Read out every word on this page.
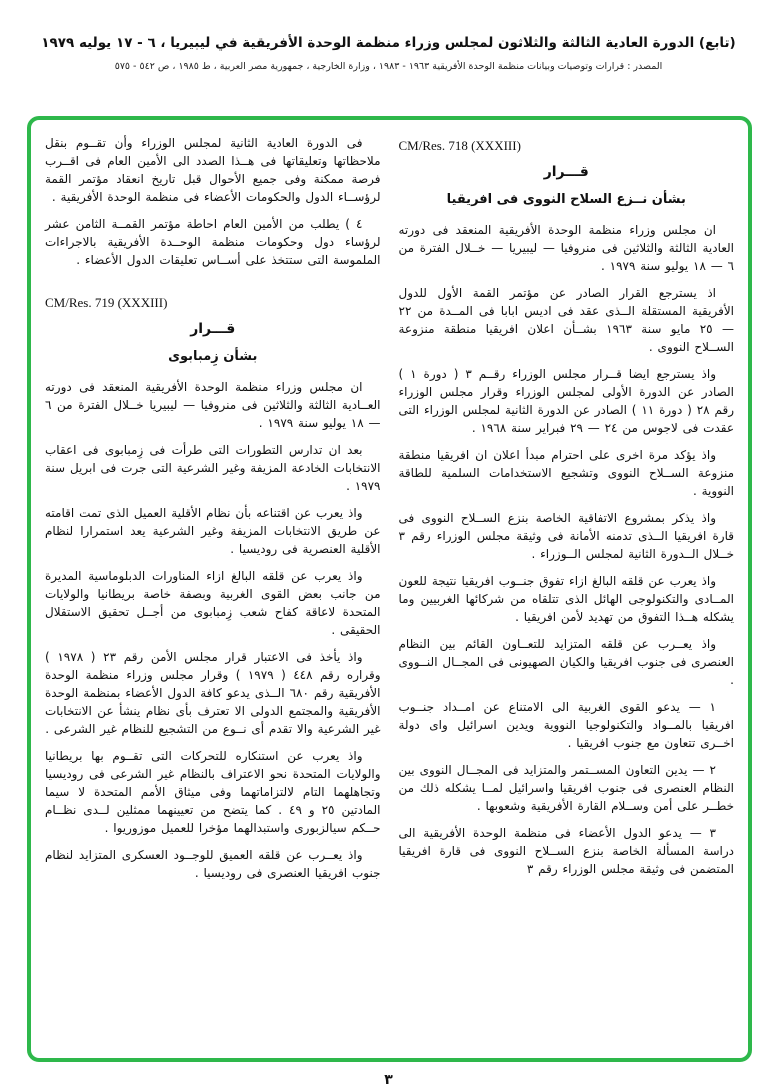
(تابع) الدورة العادية الثالثة والثلاثون لمجلس وزراء منظمة الوحدة الأفريقية في ليبيريا ، ٦ - ١٧ يوليه ١٩٧٩
المصدر : قرارات وتوصيات وبيانات منظمة الوحدة الأفريقية ١٩٦٣ - ١٩٨٣ ، وزارة الخارجية ، جمهورية مصر العربية ، ط ١٩٨٥ ، ص ٥٤٢ - ٥٧٥
CM/Res. 718 (XXXIII)
قـــرار
بشأن نــزع السلاح النووى فى افريقيا

ان مجلس وزراء منظمة الوحدة الأفريقية المنعقد فى دورته العادية الثالثة والثلاثين فى منروفيا — ليبيريا — خــلال الفترة من ٦ — ١٨ يوليو سنة ١٩٧٩ .

اذ يسترجع القرار الصادر عن مؤتمر القمة الأول للدول الأفريقية المستقلة الــذى عقد فى اديس ابابا فى المــدة من ٢٢ — ٢٥ مايو سنة ١٩٦٣ بشــأن اعلان افريقيا منطقة منزوعة الســلاح النووى .

واذ يسترجع ايضا قــرار مجلس الوزراء رقــم ٣ ( دورة ١ ) الصادر عن الدورة الأولى لمجلس الوزراء وقرار مجلس الوزراء رقم ٢٨ ( دورة ١١ ) الصادر عن الدورة الثانية لمجلس الوزراء التى عقدت فى لاجوس من ٢٤ — ٢٩ فبراير سنة ١٩٦٨ .

واذ يؤكد مرة اخرى على احترام مبدأ اعلان ان افريقيا منطقة منزوعة الســلاح النووى وتشجيع الاستخدامات السلمية للطاقة النووية .

واذ يذكر بمشروع الاتفاقية الخاصة بنزع الســلاح النووى فى قارة افريقيا الــذى تدمنه الأمانة فى وثيقة مجلس الوزراء رقم ٣ خــلال الــدورة الثانية لمجلس الــوزراء .

واذ يعرب عن قلقه البالغ ازاء تفوق جنــوب افريقيا نتيجة للعون المــادى والتكنولوجى الهائل الذى تتلقاه من شركائها الغربيين وما يشكله هــذا التفوق من تهديد لأمن افريقيا .

واذ يعــرب عن قلقه المتزايد للتعــاون القائم بين النظام العنصرى فى جنوب افريقيا والكيان الصهيونى فى المجــال النــووى .

١ — يدعو القوى الغربية الى الامتناع عن امــداد جنــوب افريقيا بالمــواد والتكنولوجيا النووية ويدين اسرائيل واى دولة اخــرى تتعاون مع جنوب افريقيا .

٢ — يدين التعاون المســتمر والمتزايد فى المجــال النووى بين النظام العنصرى فى جنوب افريقيا واسرائيل لمــا يشكله ذلك من خطــر على أمن وســلام القارة الأفريقية وشعوبها .

٣ — يدعو الدول الأعضاء فى منظمة الوحدة الأفريقية الى دراسة المسألة الخاصة بنزع الســلاح النووى فى قارة افريقيا المتضمن فى وثيقة مجلس الوزراء رقم ٣

فى الدورة العادية الثانية لمجلس الوزراء وأن تقــوم بنقل ملاحظاتها وتعليقاتها فى هــذا الصدد الى الأمين العام فى اقــرب فرصة ممكنة وفى جميع الأحوال قبل تاريخ انعقاد مؤتمر القمة لرؤســاء الدول والحكومات الأعضاء فى منظمة الوحدة الأفريقية .

٤ ) يطلب من الأمين العام احاطة مؤتمر القمــة الثامن عشر لرؤساء دول وحكومات منظمة الوحــدة الأفريقية بالاجراءات الملموسة التى ستتخذ على أســاس تعليقات الدول الأعضاء .

CM/Res. 719 (XXXIII)
قـــرار
بشأن زِمبابوى

ان مجلس وزراء منظمة الوحدة الأفريقية المنعقد فى دورته العــادية الثالثة والثلاثين فى منروفيا — ليبيريا خــلال الفترة من ٦ — ١٨ يوليو سنة ١٩٧٩ .

بعد ان تدارس التطورات التى طرأت فى زِمبابوى فى اعقاب الانتخابات الخادعة المزيفة وغير الشرعية التى جرت فى ابريل سنة ١٩٧٩ .

واذ يعرب عن اقتناعه بأن نظام الأقلية العميل الذى تمت اقامته عن طريق الانتخابات المزيفة وغير الشرعية يعد استمرارا لنظام الأقلية العنصرية فى روديسيا .

واذ يعرب عن قلقه البالغ ازاء المناورات الدبلوماسية المديرة من جانب بعض القوى الغربية وبصفة خاصة بريطانيا والولايات المتحدة لاعاقة كفاح شعب زِمبابوى من أجــل تحقيق الاستقلال الحقيقى .

واذ يأخذ فى الاعتبار قرار مجلس الأمن رقم ٢٣ ( ١٩٧٨ ) وقراره رقم ٤٤٨ ( ١٩٧٩ ) وقرار مجلس وزراء منظمة الوحدة الأفريقية رقم ٦٨٠ الــذى يدعو كافة الدول الأعضاء بمنظمة الوحدة الأفريقية والمجتمع الدولى الا تعترف بأى نظام ينشأ عن الانتخابات غير الشرعية والا تقدم أى نــوع من التشجيع للنظام غير الشرعى .

واذ يعرب عن استنكاره للتحركات التى تقــوم بها بريطانيا والولايات المتحدة نحو الاعتراف بالنظام غير الشرعى فى روديسيا وتجاهلهما التام لالتزاماتهما وفى ميثاق الأمم المتحدة لا سيما المادتين ٢٥ و ٤٩ . كما يتضح من تعيينهما ممثلين لــدى نظــام حــكم سيالزبورى واستبدالهما مؤخرا للعميل موزوريوا .

واذ يعــرب عن قلقه العميق للوجــود العسكرى المتزايد لنظام جنوب افريقيا العنصرى فى روديسيا .

٣
